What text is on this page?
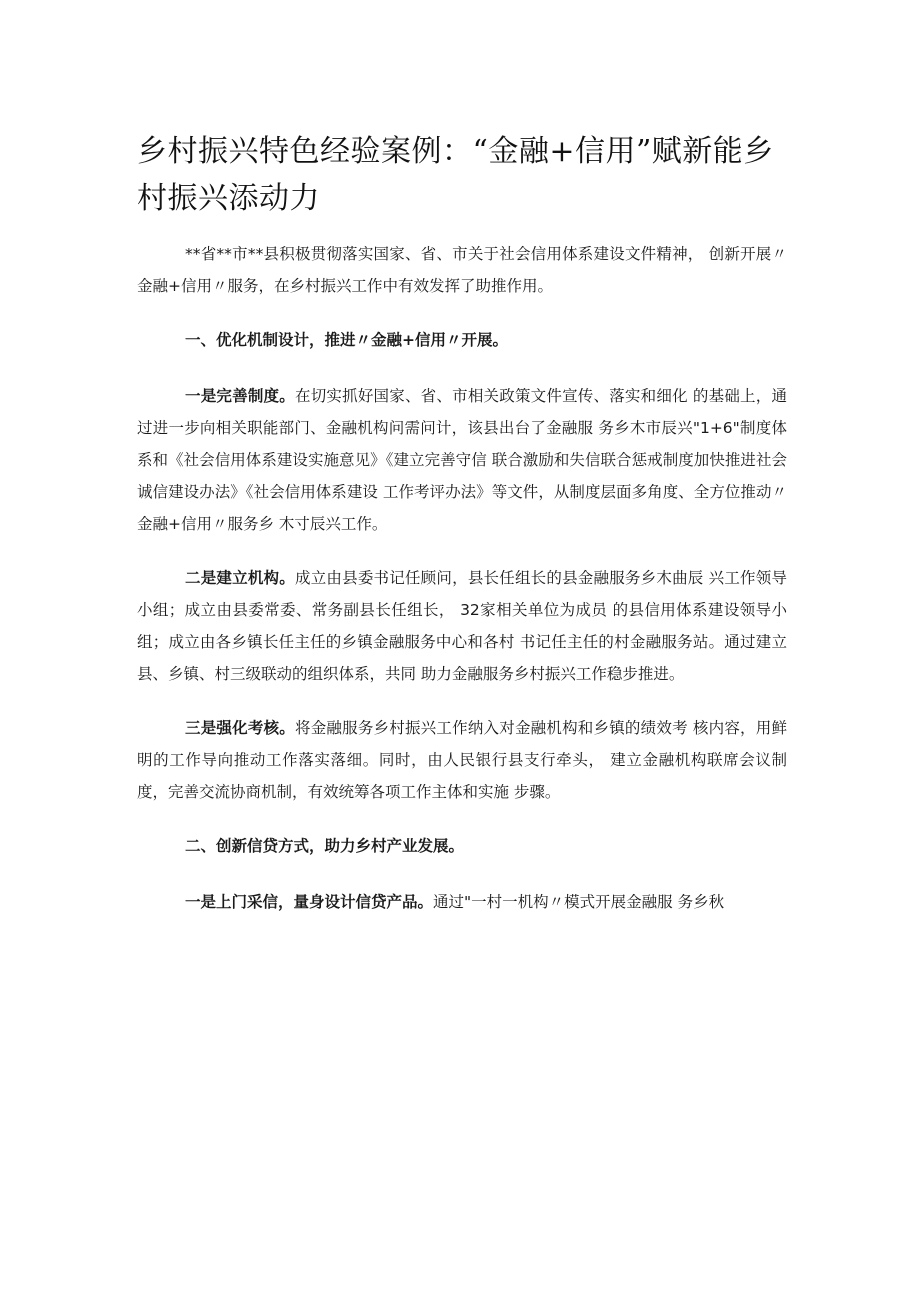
乡村振兴特色经验案例：“金融+信用”赋新能乡村振兴添动力

**省**市**县积极贯彻落实国家、省、市关于社会信用体系建设文件精神， 创新开展〃金融+信用〃服务，在乡村振兴工作中有效发挥了助推作用。

一、优化机制设计，推进〃金融+信用〃开展。

一是完善制度。在切实抓好国家、省、市相关政策文件宣传、落实和细化 的基础上，通过进一步向相关职能部门、金融机构问需问计，该县出台了金融服 务乡木市辰兴"1+6"制度体系和《社会信用体系建设实施意见》《建立完善守信 联合激励和失信联合惩戒制度加快推进社会诚信建设办法》《社会信用体系建设 工作考评办法》等文件，从制度层面多角度、全方位推动〃金融+信用〃服务乡 木寸辰兴工作。

二是建立机构。成立由县委书记任顾问，县长任组长的县金融服务乡木曲辰 兴工作领导小组；成立由县委常委、常务副县长任组长， 32家相关单位为成员 的县信用体系建设领导小组；成立由各乡镇长任主任的乡镇金融服务中心和各村 书记任主任的村金融服务站。通过建立县、乡镇、村三级联动的组织体系，共同 助力金融服务乡村振兴工作稳步推进。

三是强化考核。将金融服务乡村振兴工作纳入对金融机构和乡镇的绩效考 核内容，用鲜明的工作导向推动工作落实落细。同时，由人民银行县支行牵头， 建立金融机构联席会议制度，完善交流协商机制，有效统筹各项工作主体和实施 步骤。

二、创新信贷方式，助力乡村产业发展。

一是上门采信，量身设计信贷产品。通过"一村一机构〃模式开展金融服 务乡秋
